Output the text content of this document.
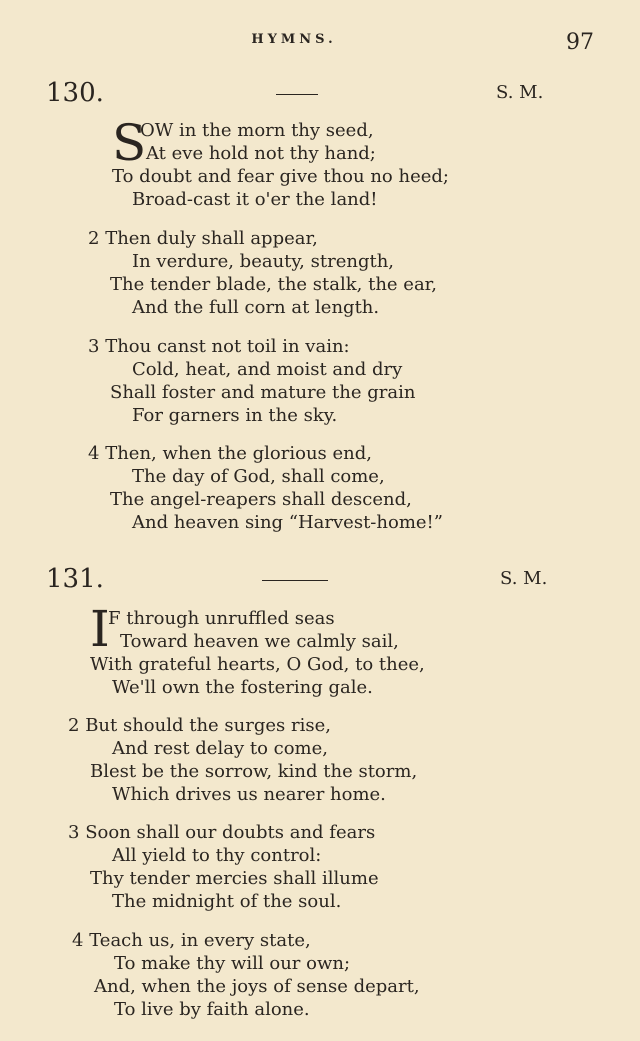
HYMNS.	97
130.	S. M.
S
OW in the morn thy seed,
At eve hold not thy hand;
To doubt and fear give thou no heed;
Broad-cast it o'er the land!
2 Then duly shall appear,
In verdure, beauty, strength,
The tender blade, the stalk, the ear,
And the full corn at length.
3 Thou canst not toil in vain:
Cold, heat, and moist and dry
Shall foster and mature the grain
For garners in the sky.
4 Then, when the glorious end,
The day of God, shall come,
The angel-reapers shall descend,
And heaven sing “Harvest-home!”
131.	S. M.
I
F through unruffled seas
Toward heaven we calmly sail,
With grateful hearts, O God, to thee,
We'll own the fostering gale.
2 But should the surges rise,
And rest delay to come,
Blest be the sorrow, kind the storm,
Which drives us nearer home.
3 Soon shall our doubts and fears
All yield to thy control:
Thy tender mercies shall illume
The midnight of the soul.
4 Teach us, in every state,
To make thy will our own;
And, when the joys of sense depart,
To live by faith alone.
